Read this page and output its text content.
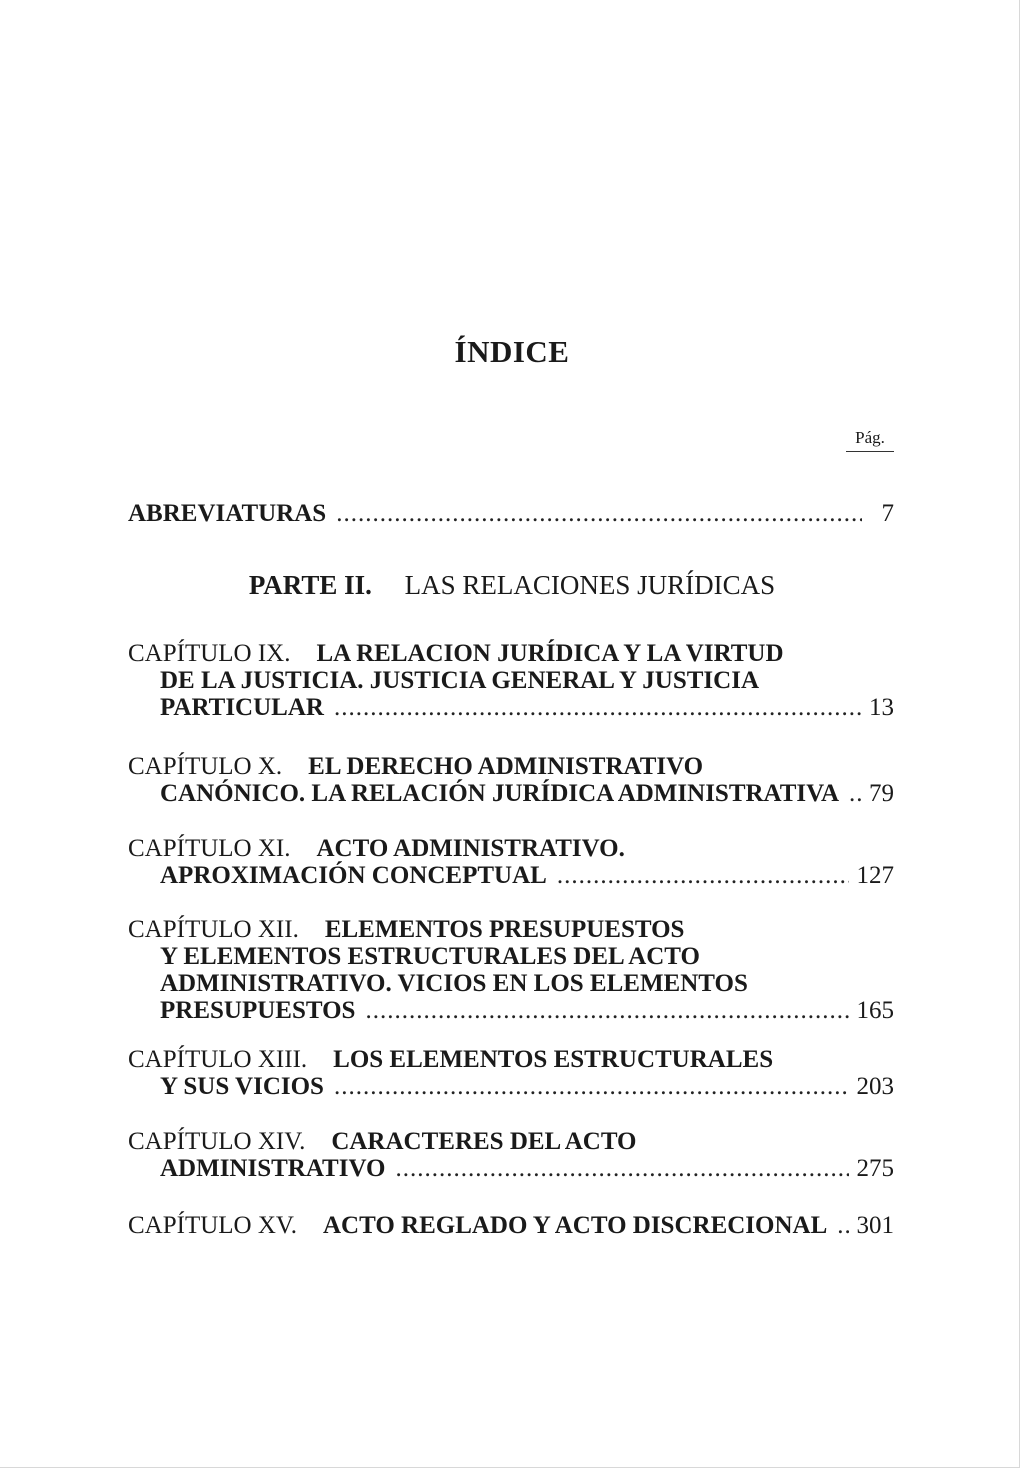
ÍNDICE
Pág.
ABREVIATURAS .....	7
PARTE II. LAS RELACIONES JURÍDICAS
CAPÍTULO IX. LA RELACION JURÍDICA Y LA VIRTUD
DE LA JUSTICIA. JUSTICIA GENERAL Y JUSTICIA
PARTICULAR .....	13
CAPÍTULO X. EL DERECHO ADMINISTRATIVO
CANÓNICO. LA RELACIÓN JURÍDICA ADMINISTRATIVA ..... 79
CAPÍTULO XI. ACTO ADMINISTRATIVO.
APROXIMACIÓN CONCEPTUAL .....	127
CAPÍTULO XII. ELEMENTOS PRESUPUESTOS
Y ELEMENTOS ESTRUCTURALES DEL ACTO
ADMINISTRATIVO. VICIOS EN LOS ELEMENTOS
PRESUPUESTOS .....	165
CAPÍTULO XIII. LOS ELEMENTOS ESTRUCTURALES
Y SUS VICIOS .....	203
CAPÍTULO XIV. CARACTERES DEL ACTO
ADMINISTRATIVO .....	275
CAPÍTULO XV. ACTO REGLADO Y ACTO DISCRECIONAL ..... 301
